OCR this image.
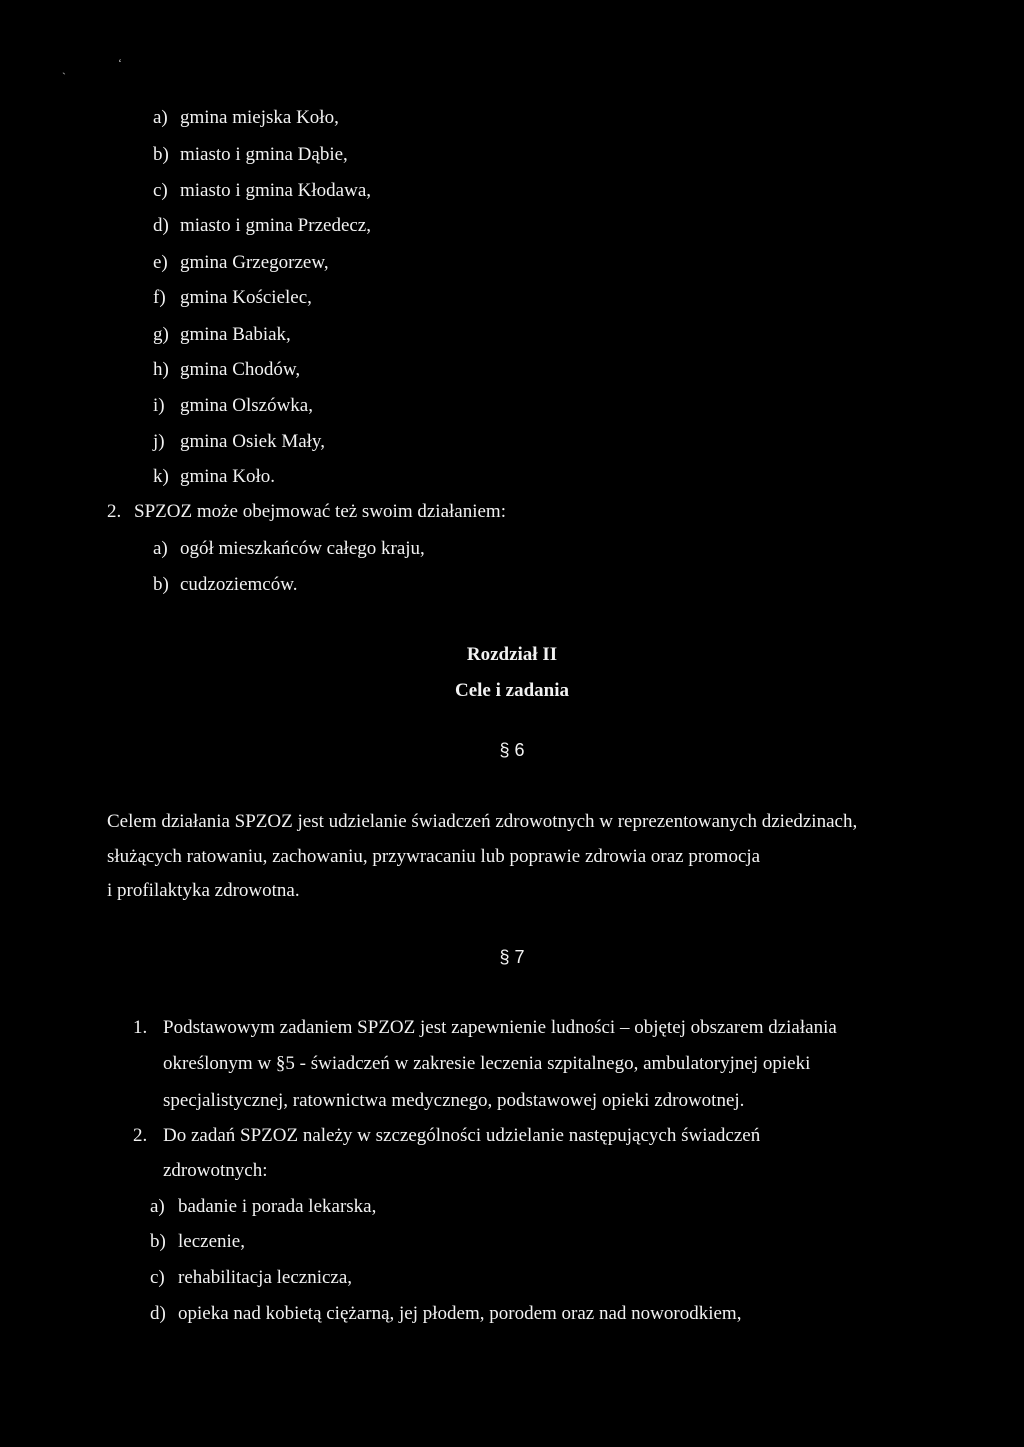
`
‘
a) gmina miejska Koło,
b) miasto i gmina Dąbie,
c) miasto i gmina Kłodawa,
d) miasto i gmina Przedecz,
e) gmina Grzegorzew,
f) gmina Kościelec,
g) gmina Babiak,
h) gmina Chodów,
i) gmina Olszówka,
j) gmina Osiek Mały,
k) gmina Koło.
2. SPZOZ może obejmować też swoim działaniem:
a) ogół mieszkańców całego kraju,
b) cudzoziemców.
Rozdział II
Cele i zadania
§ 6
Celem działania SPZOZ jest udzielanie świadczeń zdrowotnych w reprezentowanych dziedzinach,
służących ratowaniu, zachowaniu, przywracaniu lub poprawie zdrowia oraz promocja
i profilaktyka zdrowotna.
§ 7
1. Podstawowym zadaniem SPZOZ jest zapewnienie ludności – objętej obszarem działania
określonym w §5 - świadczeń w zakresie leczenia szpitalnego, ambulatoryjnej opieki
specjalistycznej, ratownictwa medycznego, podstawowej opieki zdrowotnej.
2. Do zadań SPZOZ należy w szczególności udzielanie następujących świadczeń
zdrowotnych:
a) badanie i porada lekarska,
b) leczenie,
c) rehabilitacja lecznicza,
d) opieka nad kobietą ciężarną, jej płodem, porodem oraz nad noworodkiem,
